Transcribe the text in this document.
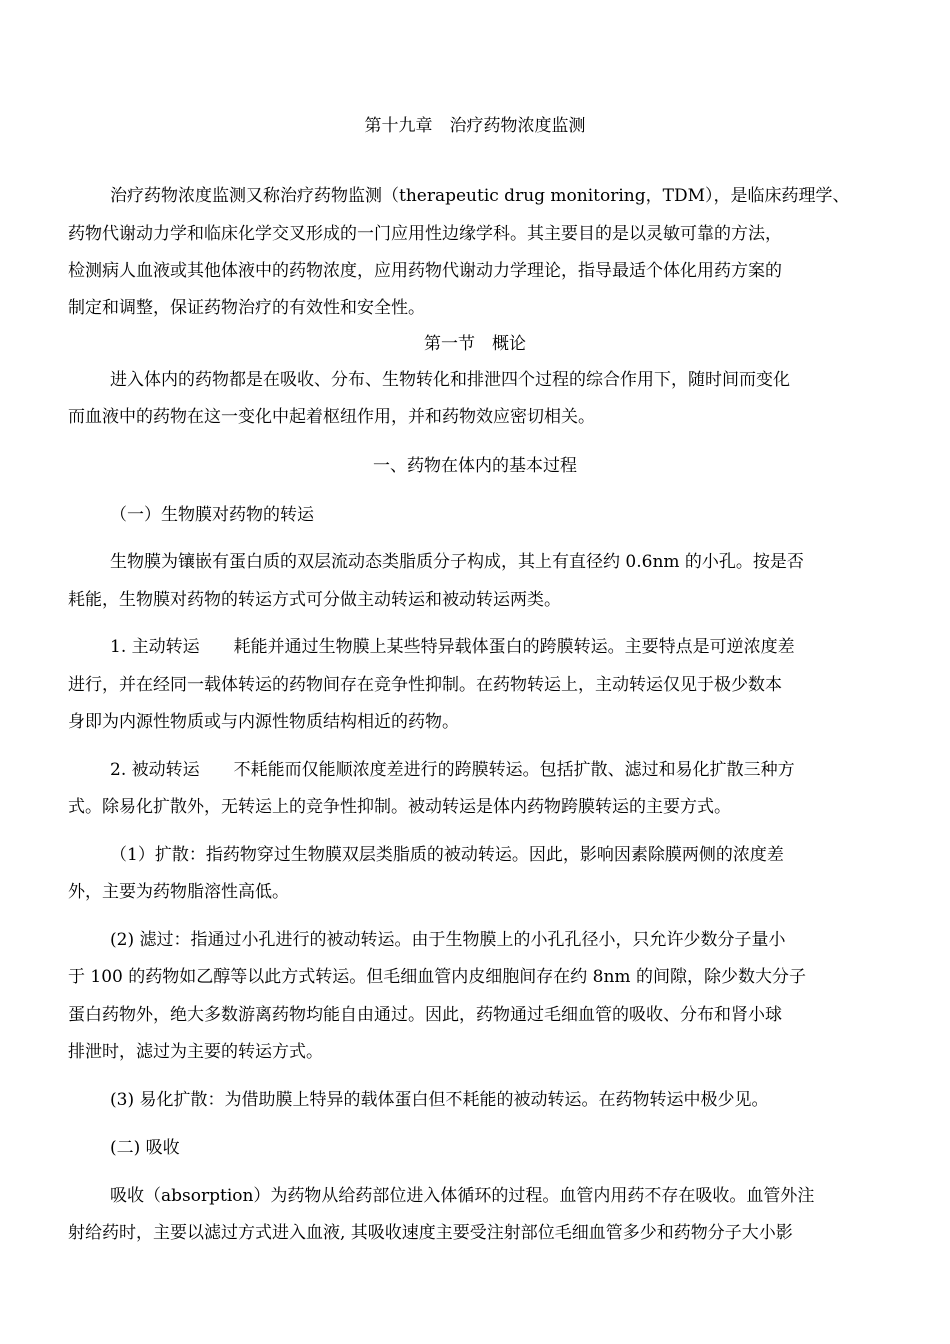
第十九章　治疗药物浓度监测
治疗药物浓度监测又称治疗药物监测（therapeutic drug monitoring，TDM），是临床药理学、
药物代谢动力学和临床化学交叉形成的一门应用性边缘学科。其主要目的是以灵敏可靠的方法，
检测病人血液或其他体液中的药物浓度，应用药物代谢动力学理论，指导最适个体化用药方案的
制定和调整，保证药物治疗的有效性和安全性。
第一节　概论
进入体内的药物都是在吸收、分布、生物转化和排泄四个过程的综合作用下，随时间而变化
而血液中的药物在这一变化中起着枢纽作用，并和药物效应密切相关。
一、药物在体内的基本过程
（一）生物膜对药物的转运
生物膜为镶嵌有蛋白质的双层流动态类脂质分子构成，其上有直径约 0.6nm 的小孔。按是否
耗能，生物膜对药物的转运方式可分做主动转运和被动转运两类。
1. 主动转运　　耗能并通过生物膜上某些特异载体蛋白的跨膜转运。主要特点是可逆浓度差
进行，并在经同一载体转运的药物间存在竞争性抑制。在药物转运上，主动转运仅见于极少数本
身即为内源性物质或与内源性物质结构相近的药物。
2. 被动转运　　不耗能而仅能顺浓度差进行的跨膜转运。包括扩散、滤过和易化扩散三种方
式。除易化扩散外，无转运上的竞争性抑制。被动转运是体内药物跨膜转运的主要方式。
（1）扩散：指药物穿过生物膜双层类脂质的被动转运。因此，影响因素除膜两侧的浓度差
外，主要为药物脂溶性高低。
(2) 滤过：指通过小孔进行的被动转运。由于生物膜上的小孔孔径小，只允许少数分子量小
于 100 的药物如乙醇等以此方式转运。但毛细血管内皮细胞间存在约 8nm 的间隙，除少数大分子
蛋白药物外，绝大多数游离药物均能自由通过。因此，药物通过毛细血管的吸收、分布和肾小球
排泄时，滤过为主要的转运方式。
(3) 易化扩散：为借助膜上特异的载体蛋白但不耗能的被动转运。在药物转运中极少见。
(二) 吸收
吸收（absorption）为药物从给药部位进入体循环的过程。血管内用药不存在吸收。血管外注
射给药时，主要以滤过方式进入血液, 其吸收速度主要受注射部位毛细血管多少和药物分子大小影
